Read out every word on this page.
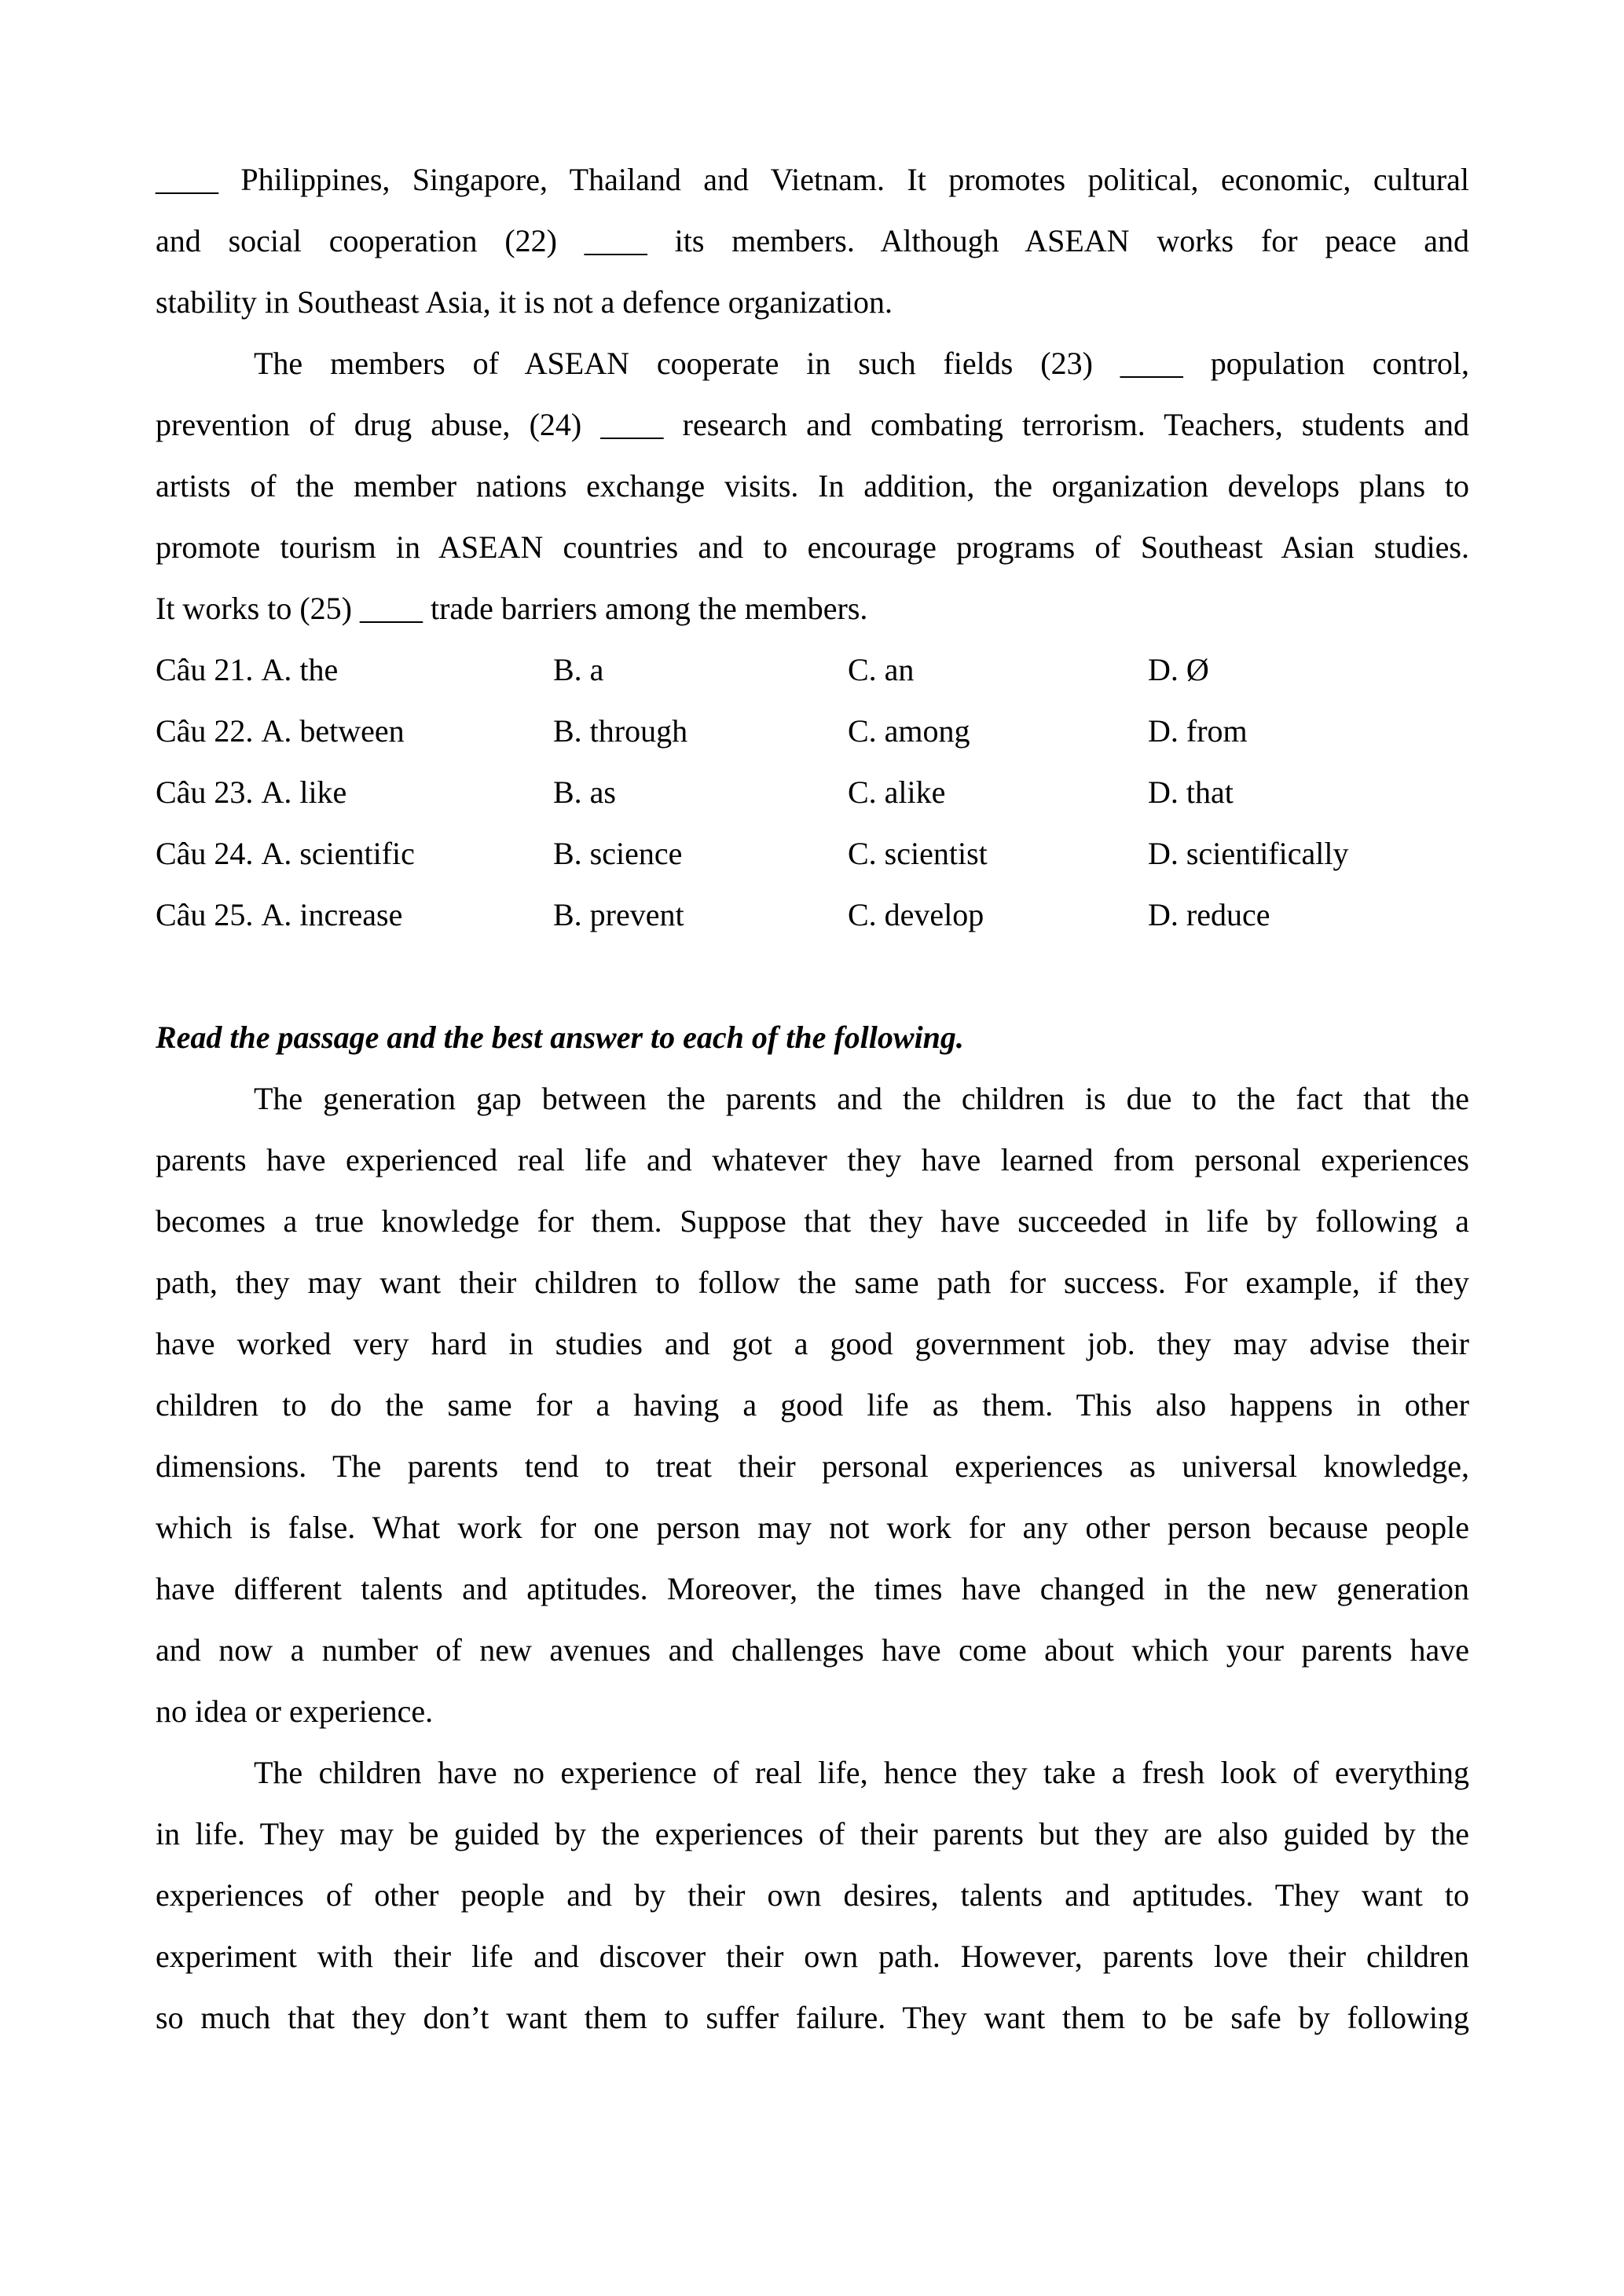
____ Philippines, Singapore, Thailand and Vietnam. It promotes political, economic, cultural
and social cooperation (22) ____ its members. Although ASEAN works for peace and
stability in Southeast Asia, it is not a defence organization.
The members of ASEAN cooperate in such fields (23) ____ population control,
prevention of drug abuse, (24) ____ research and combating terrorism. Teachers, students and
artists of the member nations exchange visits. In addition, the organization develops plans to
promote tourism in ASEAN countries and to encourage programs of Southeast Asian studies.
It works to (25) ____ trade barriers among the members.
Câu 21. A. the	B. a	C. an	D. Ø
Câu 22. A. between	B. through	C. among	D. from
Câu 23. A. like	B. as	C. alike	D. that
Câu 24. A. scientific	B. science	C. scientist	D. scientifically
Câu 25. A. increase	B. prevent	C. develop	D. reduce
Read the passage and the best answer to each of the following.
The generation gap between the parents and the children is due to the fact that the
parents have experienced real life and whatever they have learned from personal experiences
becomes a true knowledge for them. Suppose that they have succeeded in life by following a
path, they may want their children to follow the same path for success. For example, if they
have worked very hard in studies and got a good government job. they may advise their
children to do the same for a having a good life as them. This also happens in other
dimensions. The parents tend to treat their personal experiences as universal knowledge,
which is false. What work for one person may not work for any other person because people
have different talents and aptitudes. Moreover, the times have changed in the new generation
and now a number of new avenues and challenges have come about which your parents have
no idea or experience.
The children have no experience of real life, hence they take a fresh look of everything
in life. They may be guided by the experiences of their parents but they are also guided by the
experiences of other people and by their own desires, talents and aptitudes. They want to
experiment with their life and discover their own path. However, parents love their children
so much that they don’t want them to suffer failure. They want them to be safe by following
